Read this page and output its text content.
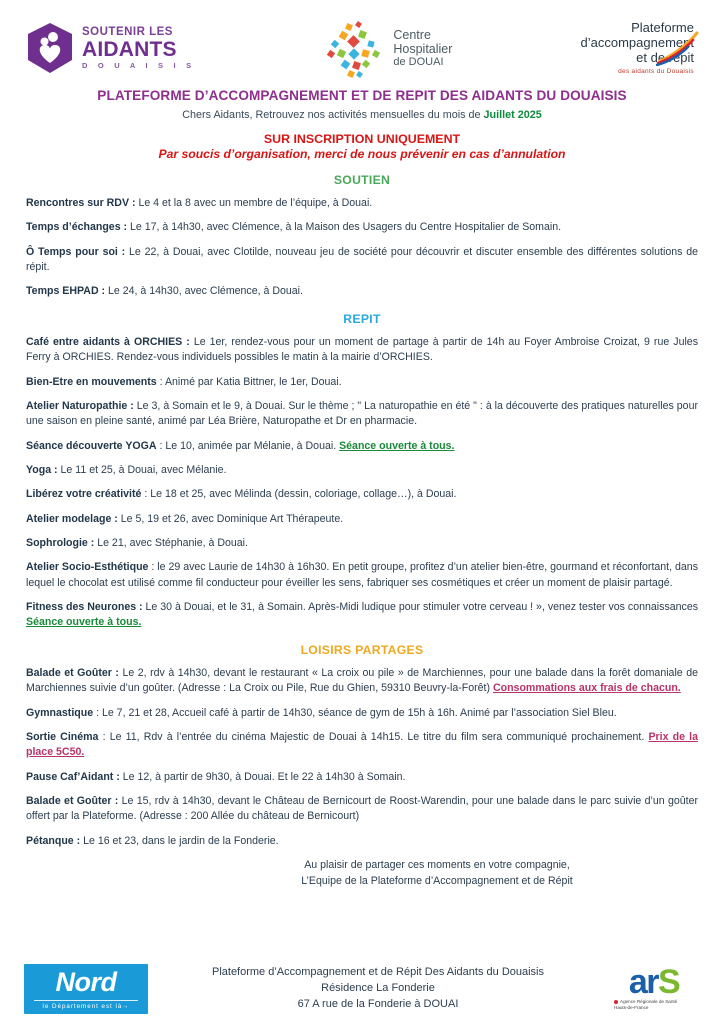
SOUTENIR LES
AIDANTS
D O U A I S I S
Centre
Hospitalier
de DOUAI
Plateforme
d’accompagnement
et de répit
des aidants du Douaisis
PLATEFORME D’ACCOMPAGNEMENT ET DE REPIT DES AIDANTS DU DOUAISIS
Chers Aidants, Retrouvez nos activités mensuelles du mois de Juillet 2025
SUR INSCRIPTION UNIQUEMENT
Par soucis d’organisation, merci de nous prévenir en cas d’annulation
SOUTIEN
Rencontres sur RDV : Le 4 et la 8 avec un membre de l’équipe, à Douai.
Temps d’échanges : Le 17, à 14h30, avec Clémence, à la Maison des Usagers du Centre Hospitalier de Somain.
Ô Temps pour soi : Le 22, à Douai, avec Clotilde, nouveau jeu de société pour découvrir et discuter ensemble des différentes solutions de répit.
Temps EHPAD : Le 24, à 14h30, avec Clémence, à Douai.
REPIT
Café entre aidants à ORCHIES : Le 1er, rendez-vous pour un moment de partage à partir de 14h au Foyer Ambroise Croizat, 9 rue Jules Ferry à ORCHIES. Rendez-vous individuels possibles le matin à la mairie d’ORCHIES.
Bien-Etre en mouvements : Animé par Katia Bittner, le 1er, Douai.
Atelier Naturopathie : Le 3, à Somain et le 9, à Douai. Sur le thème ; " La naturopathie en été " : à la découverte des pratiques naturelles pour une saison en pleine santé, animé par Léa Brière, Naturopathe et Dr en pharmacie.
Séance découverte YOGA : Le 10, animée par Mélanie, à Douai. Séance ouverte à tous.
Yoga : Le 11 et 25, à Douai, avec Mélanie.
Libérez votre créativité : Le 18 et 25, avec Mélinda (dessin, coloriage, collage…), à Douai.
Atelier modelage : Le 5, 19 et 26, avec Dominique Art Thérapeute.
Sophrologie : Le 21, avec Stéphanie, à Douai.
Atelier Socio-Esthétique : le 29 avec Laurie de 14h30 à 16h30. En petit groupe, profitez d’un atelier bien-être, gourmand et réconfortant, dans lequel le chocolat est utilisé comme fil conducteur pour éveiller les sens, fabriquer ses cosmétiques et créer un moment de plaisir partagé.
Fitness des Neurones : Le 30 à Douai, et le 31, à Somain. Après-Midi ludique pour stimuler votre cerveau ! », venez tester vos connaissances Séance ouverte à tous.
LOISIRS PARTAGES
Balade et Goûter : Le 2, rdv à 14h30, devant le restaurant « La croix ou pile » de Marchiennes, pour une balade dans la forêt domaniale de Marchiennes suivie d’un goûter. (Adresse : La Croix ou Pile, Rue du Ghien, 59310 Beuvry-la-Forêt) Consommations aux frais de chacun.
Gymnastique : Le 7, 21 et 28, Accueil café à partir de 14h30, séance de gym de 15h à 16h. Animé par l’association Siel Bleu.
Sortie Cinéma : Le 11, Rdv à l’entrée du cinéma Majestic de Douai à 14h15. Le titre du film sera communiqué prochainement. Prix de la place 5C50.
Pause Caf’Aidant : Le 12, à partir de 9h30, à Douai. Et le 22 à 14h30 à Somain.
Balade et Goûter : Le 15, rdv à 14h30, devant le Château de Bernicourt de Roost-Warendin, pour une balade dans le parc suivie d’un goûter offert par la Plateforme. (Adresse : 200 Allée du château de Bernicourt)
Pétanque : Le 16 et 23, dans le jardin de la Fonderie.
Au plaisir de partager ces moments en votre compagnie,
L’Equipe de la Plateforme d’Accompagnement et de Répit
Nord
le Département est là→
Plateforme d’Accompagnement et de Répit Des Aidants du Douaisis
Résidence La Fonderie
67 A rue de la Fonderie à DOUAI
arS
Agence Régionale de Santé
Hauts-de-France
